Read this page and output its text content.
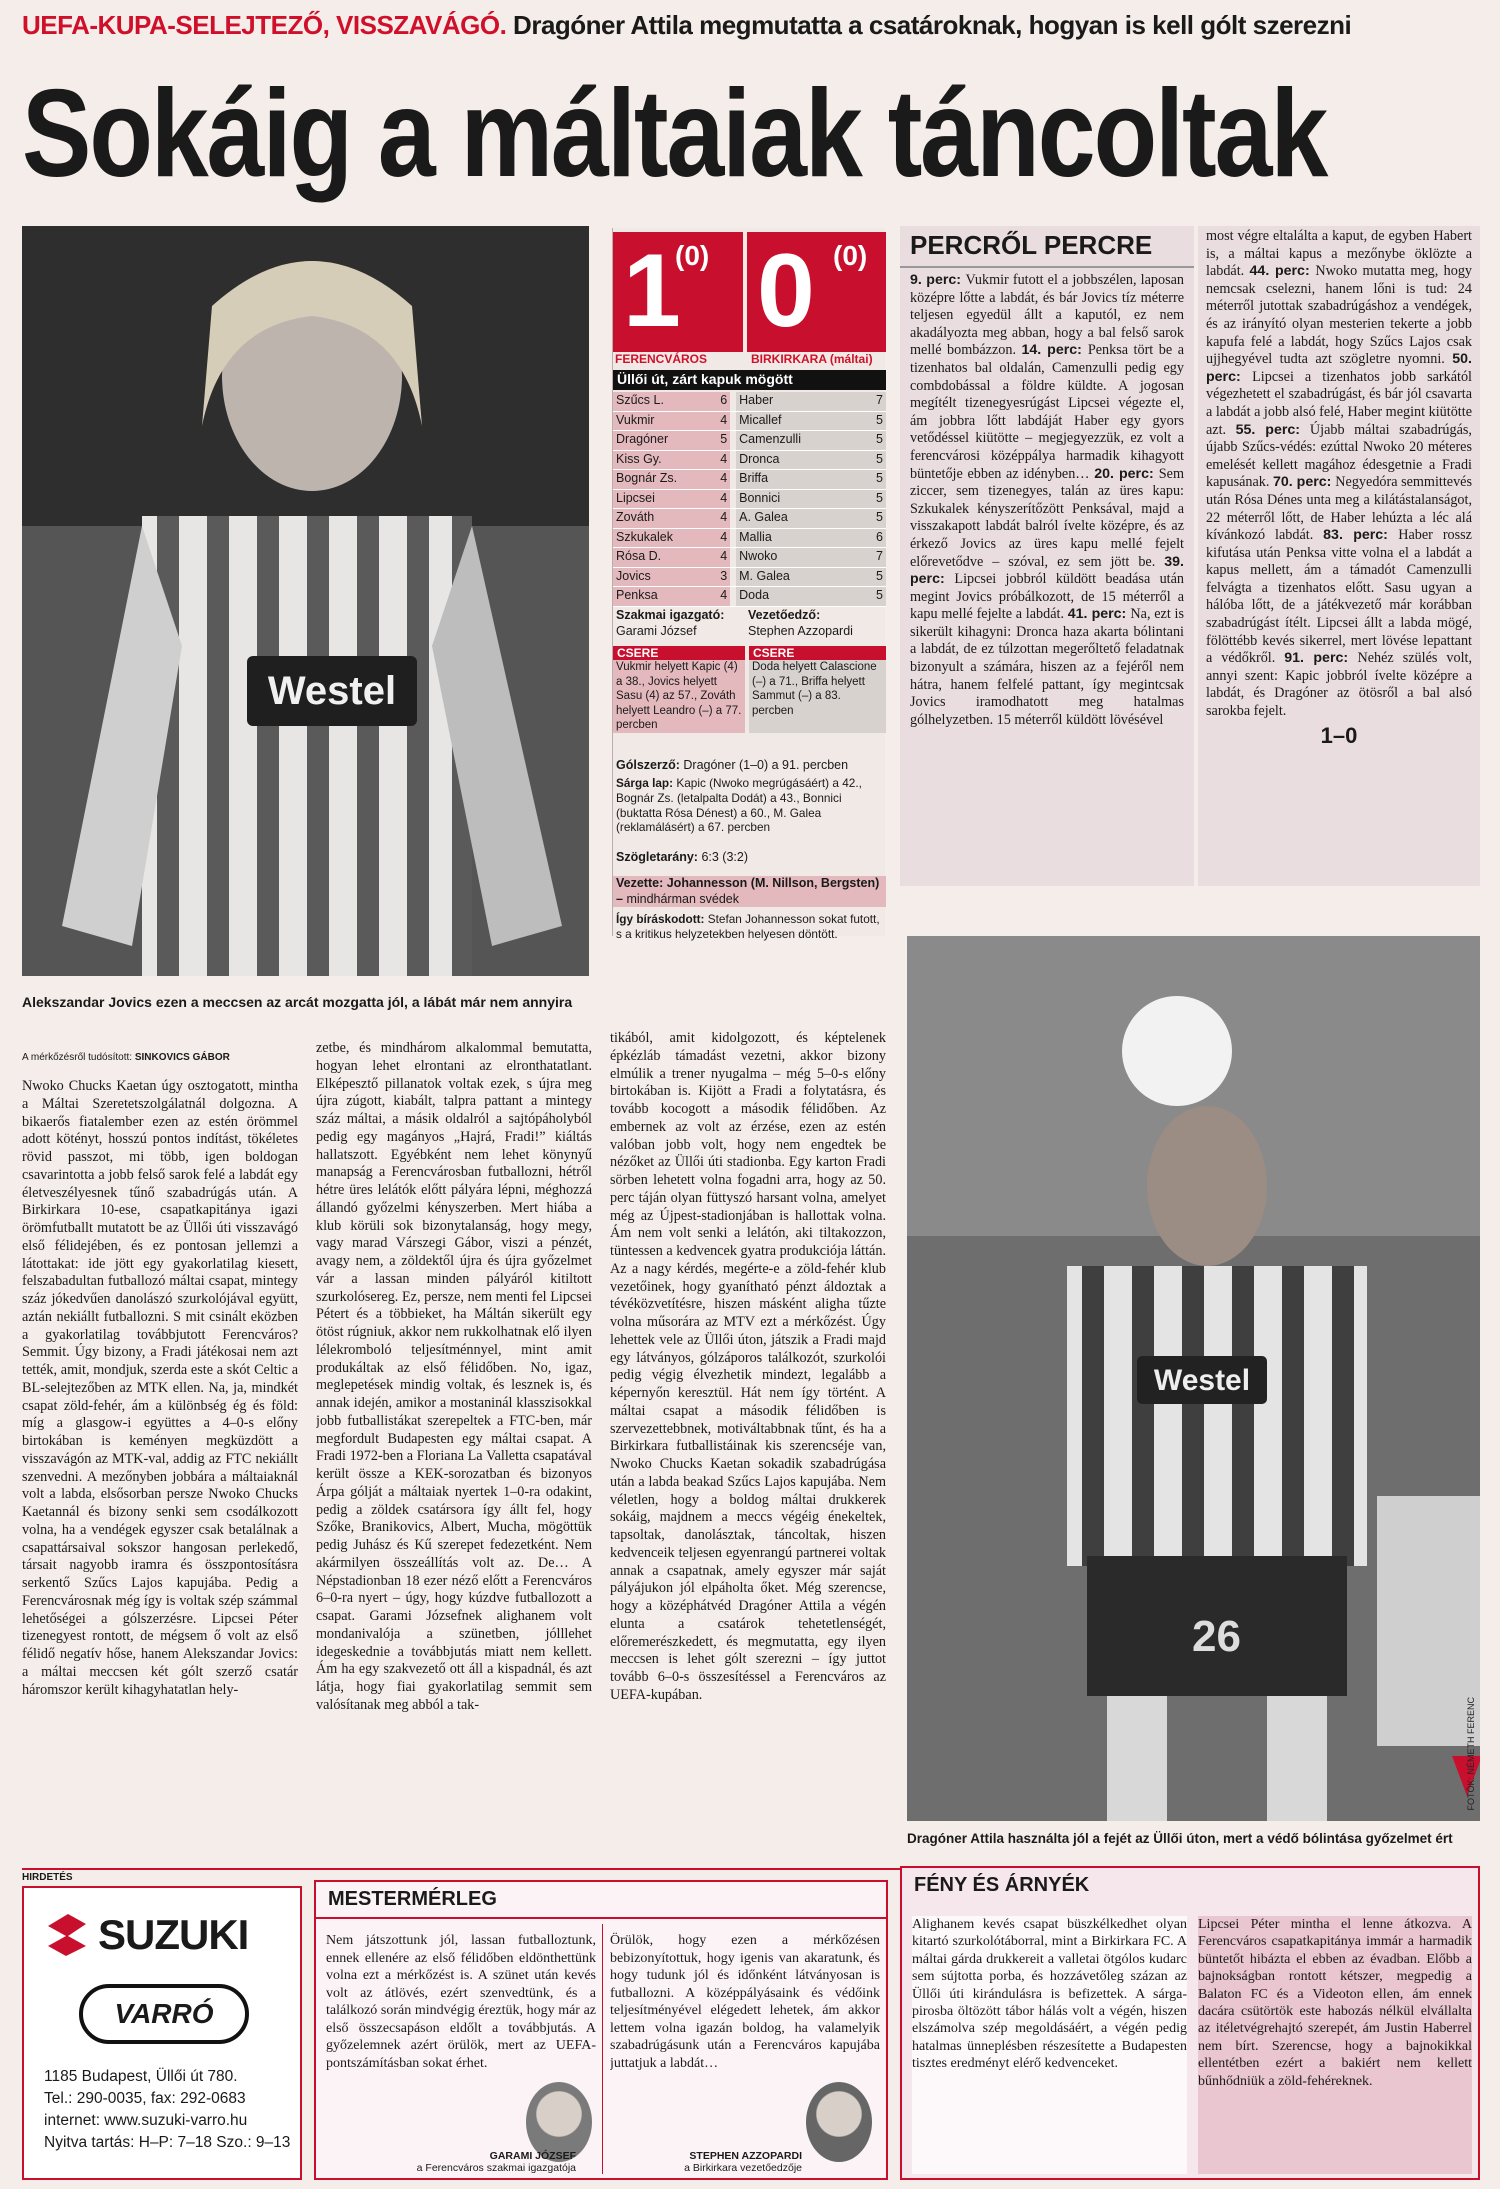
UEFA-KUPA-SELEJTEZŐ, VISSZAVÁGÓ. Dragóner Attila megmutatta a csatároknak, hogyan is kell gólt szerezni
Sokáig a máltaiak táncoltak
Westel
Alekszandar Jovics ezen a meccsen az arcát mozgatta jól, a lábát már nem annyira
1
(0) 0 (0)
FERENCVÁROS	BIRKIRKARA (máltai)
Üllői út, zárt kapuk mögött
Szűcs L.	6 Haber	7
Vukmir	4 Micallef	5
Dragóner	5 Camenzulli	5
Kiss Gy.	4 Dronca	5
Bognár Zs.	4 Briffa	5
Lipcsei	4 Bonnici	5
Zováth	4 A. Galea	5
Szkukalek	4 Mallia	6
Rósa D.	4 Nwoko	7
Jovics	3 M. Galea	5
Penksa	4 Doda	5
Szakmai igazgató:
Garami József
Vezetőedző:
Stephen Azzopardi
CSERE
Vukmir helyett Kapic (4) a 38., Jovics helyett Sasu (4) az 57., Zováth helyett Leandro (–) a 77. percben
CSERE
Doda helyett Calascione (–) a 71., Briffa helyett Sammut (–) a 83. percben
Gólszerző: Dragóner (1–0) a 91. percben
Sárga lap: Kapic (Nwoko megrúgásáért) a 42., Bognár Zs. (letalpalta Dodát) a 43., Bonnici (buktatta Rósa Dénest) a 60., M. Galea (reklamálásért) a 67. percben
Szögletarány: 6:3 (3:2)
Vezette: Johannesson (M. Nillson, Bergsten) – mindhárman svédek
Így bíráskodott: Stefan Johannesson sokat futott, s a kritikus helyzetekben helyesen döntött.
PERCRŐL PERCRE
9. perc: Vukmir futott el a jobbszélen, laposan középre lőtte a labdát, és bár Jovics tíz méterre teljesen egyedül állt a kaputól, ez nem akadályozta meg abban, hogy a bal felső sarok mellé bombázzon. 14. perc: Penksa tört be a tizenhatos bal oldalán, Camenzulli pedig egy combdobással a földre küldte. A jogosan megítélt tizenegyesrúgást Lipcsei végezte el, ám jobbra lőtt labdáját Haber egy gyors vetődéssel kiütötte – megjegyezzük, ez volt a ferencvárosi középpálya harmadik kihagyott büntetője ebben az idényben… 20. perc: Sem ziccer, sem tizenegyes, talán az üres kapu: Szkukalek kényszerítőzött Penksával, majd a visszakapott labdát balról ívelte középre, és az érkező Jovics az üres kapu mellé fejelt előrevetődve – szóval, ez sem jött be. 39. perc: Lipcsei jobbról küldött beadása után megint Jovics próbálkozott, de 15 méterről a kapu mellé fejelte a labdát. 41. perc: Na, ezt is sikerült kihagyni: Dronca haza akarta bólintani a labdát, de ez túlzottan megerőltető feladatnak bizonyult a számára, hiszen az a fejéről nem hátra, hanem felfelé pattant, így megintcsak Jovics iramodhatott meg hatalmas gólhelyzetben. 15 méterről küldött lövésével
most végre eltalálta a kaput, de egyben Habert is, a máltai kapus a mezőnybe öklözte a labdát. 44. perc: Nwoko mutatta meg, hogy nemcsak cselezni, hanem lőni is tud: 24 méterről jutottak szabadrúgáshoz a vendégek, és az irányító olyan mesterien tekerte a jobb kapufa felé a labdát, hogy Szűcs Lajos csak ujjhegyével tudta azt szögletre nyomni. 50. perc: Lipcsei a tizenhatos jobb sarkától végezhetett el szabadrúgást, és bár jól csavarta a labdát a jobb alsó felé, Haber megint kiütötte azt. 55. perc: Újabb máltai szabadrúgás, újabb Szűcs-védés: ezúttal Nwoko 20 méteres emelését kellett magához édesgetnie a Fradi kapusának. 70. perc: Negyedóra semmittevés után Rósa Dénes unta meg a kilátástalanságot, 22 méterről lőtt, de Haber lehúzta a léc alá kívánkozó labdát. 83. perc: Haber rossz kifutása után Penksa vitte volna el a labdát a kapus mellett, ám a támadót Camenzulli felvágta a tizenhatos előtt. Sasu ugyan a hálóba lőtt, de a játékvezető már korábban szabadrúgást ítélt. Lipcsei állt a labda mögé, fölöttébb kevés sikerrel, mert lövése lepattant a védőkről. 91. perc: Nehéz szülés volt, annyi szent: Kapic jobbról ívelte középre a labdát, és Dragóner az ötösről a bal alsó sarokba fejelt.
1–0
Westel
26
FOTÓK: NÉMETH FERENC
Dragóner Attila használta jól a fejét az Üllői úton, mert a védő bólintása győzelmet ért
A mérkőzésről tudósított: SINKOVICS GÁBOR
Nwoko Chucks Kaetan úgy osztogatott, mintha a Máltai Szeretetszolgálatnál dolgozna. A bikaerős fiatalember ezen az estén örömmel adott kötényt, hosszú pontos indítást, tökéletes rövid passzot, mi több, igen boldogan csavarintotta a jobb felső sarok felé a labdát egy életveszélyesnek tűnő szabadrúgás után. A Birkirkara 10-ese, csapatkapitánya igazi örömfutballt mutatott be az Üllői úti visszavágó első félidejében, és ez pontosan jellemzi a látottakat: ide jött egy gyakorlatilag kiesett, felszabadultan futballozó máltai csapat, mintegy száz jókedvűen danolászó szurkolójával együtt, aztán nekiállt futballozni. S mit csinált eközben a gyakorlatilag továbbjutott Ferencváros? Semmit. Úgy bizony, a Fradi játékosai nem azt tették, amit, mondjuk, szerda este a skót Celtic a BL-selejtezőben az MTK ellen. Na, ja, mindkét csapat zöld-fehér, ám a különbség ég és föld: míg a glasgow-i együttes a 4–0-s előny birtokában is keményen megküzdött a visszavágón az MTK-val, addig az FTC nekiállt szenvedni. A mezőnyben jobbára a máltaiaknál volt a labda, elsősorban persze Nwoko Chucks Kaetannál és bizony senki sem csodálkozott volna, ha a vendégek egyszer csak betalálnak a csapattársaival sokszor hangosan perlekedő, társait nagyobb iramra és összpontosításra serkentő Szűcs Lajos kapujába. Pedig a Ferencvárosnak még így is voltak szép számmal lehetőségei a gólszerzésre. Lipcsei Péter tizenegyest rontott, de mégsem ő volt az első félidő negatív hőse, hanem Alekszandar Jovics: a máltai meccsen két gólt szerző csatár háromszor került kihagyhatatlan hely-
zetbe, és mindhárom alkalommal bemutatta, hogyan lehet elrontani az elronthatatlant. Elképesztő pillanatok voltak ezek, s újra meg újra zúgott, kiabált, talpra pattant a mintegy száz máltai, a másik oldalról a sajtópáholyból pedig egy magányos „Hajrá, Fradi!” kiáltás hallatszott. Egyébként nem lehet könynyű manapság a Ferencvárosban futballozni, hétről hétre üres lelátók előtt pályára lépni, méghozzá állandó győzelmi kényszerben. Mert hiába a klub körüli sok bizonytalanság, hogy megy, vagy marad Várszegi Gábor, viszi a pénzét, avagy nem, a zöldektől újra és újra győzelmet vár a lassan minden pályáról kitiltott szurkolósereg. Ez, persze, nem menti fel Lipcsei Pétert és a többieket, ha Máltán sikerült egy ötöst rúgniuk, akkor nem rukkolhatnak elő ilyen lélekromboló teljesítménnyel, mint amit produkáltak az első félidőben. No, igaz, meglepetések mindig voltak, és lesznek is, és annak idején, amikor a mostaninál klasszisokkal jobb futballistákat szerepeltek a FTC-ben, már megfordult Budapesten egy máltai csapat. A Fradi 1972-ben a Floriana La Valletta csapatával került össze a KEK-sorozatban és bizonyos Árpa gólját a máltaiak nyertek 1–0-ra odakint, pedig a zöldek csatársora így állt fel, hogy Szőke, Branikovics, Albert, Mucha, mögöttük pedig Juhász és Kű szerepet fedezetként. Nem akármilyen összeállítás volt az. De… A Népstadionban 18 ezer néző előtt a Ferencváros 6–0-ra nyert – úgy, hogy kúzdve futballozott a csapat. Garami Józsefnek alighanem volt mondanivalója a szünetben, jólllehet idegeskednie a továbbjutás miatt nem kellett. Ám ha egy szakvezető ott áll a kispadnál, és azt látja, hogy fiai gyakorlatilag semmit sem valósítanak meg abból a tak-
tikából, amit kidolgozott, és képtelenek épkézláb támadást vezetni, akkor bizony elmúlik a trener nyugalma – még 5–0-s előny birtokában is. Kijött a Fradi a folytatásra, és tovább kocogott a második félidőben. Az embernek az volt az érzése, ezen az estén valóban jobb volt, hogy nem engedtek be nézőket az Üllői úti stadionba. Egy karton Fradi sörben lehetett volna fogadni arra, hogy az 50. perc táján olyan füttyszó harsant volna, amelyet még az Újpest-stadionjában is hallottak volna. Ám nem volt senki a lelátón, aki tiltakozzon, tüntessen a kedvencek gyatra produkciója láttán. Az a nagy kérdés, megérte-e a zöld-fehér klub vezetőinek, hogy gyanítható pénzt áldoztak a tévéközvetítésre, hiszen másként aligha tűzte volna műsorára az MTV ezt a mérkőzést. Úgy lehettek vele az Üllői úton, játszik a Fradi majd egy látványos, gólzáporos találkozót, szurkolói pedig végig élvezhetik mindezt, legalább a képernyőn keresztül. Hát nem így történt. A máltai csapat a második félidőben is szervezettebbnek, motiváltabbnak tűnt, és ha a Birkirkara futballistáinak kis szerencséje van, Nwoko Chucks Kaetan sokadik szabadrúgása után a labda beakad Szűcs Lajos kapujába. Nem véletlen, hogy a boldog máltai drukkerek sokáig, majdnem a meccs végéig énekeltek, tapsoltak, danolásztak, táncoltak, hiszen kedvenceik teljesen egyenrangú partnerei voltak annak a csapatnak, amely egyszer már saját pályájukon jól elpáholta őket. Még szerencse, hogy a középhátvéd Dragóner Attila a végén elunta a csatárok tehetetlenségét, előremerészkedett, és megmutatta, egy ilyen meccsen is lehet gólt szerezni – így juttot tovább 6–0-s összesítéssel a Ferencváros az UEFA-kupában.
HIRDETÉS
SUZUKI
VARRÓ
1185 Budapest, Üllői út 780.
Tel.: 290-0035, fax: 292-0683
internet: www.suzuki-varro.hu
Nyitva tartás: H–P: 7–18 Szo.: 9–13
MESTERMÉRLEG
Nem játszottunk jól, lassan futballoztunk, ennek ellenére az első félidőben eldönthettünk volna ezt a mérkőzést is. A szünet után kevés volt az átlövés, ezért szenvedtünk, és a találkozó során mindvégig éreztük, hogy már az első összecsapáson eldőlt a továbbjutás. A győzelemnek azért örülök, mert az UEFA-pontszámításban sokat érhet.
Örülök, hogy ezen a mérkőzésen bebizonyítottuk, hogy igenis van akaratunk, és hogy tudunk jól és időnként látványosan is futballozni. A középpályásaink és védőink teljesítményével elégedett lehetek, ám akkor lettem volna igazán boldog, ha valamelyik szabadrúgásunk után a Ferencváros kapujába juttatjuk a labdát…
GARAMI JÓZSEF
a Ferencváros szakmai igazgatója
STEPHEN AZZOPARDI
a Birkirkara vezetőedzője
FÉNY ÉS ÁRNYÉK
Alighanem kevés csapat büszkélkedhet olyan kitartó szurkolótáborral, mint a Birkirkara FC. A máltai gárda drukkereit a valletai ötgólos kudarc sem sújtotta porba, és hozzávetőleg százan az Üllői úti kirándulásra is befizettek. A sárga-pirosba öltözött tábor hálás volt a végén, hiszen elszámolva szép megoldásáért, a végén pedig hatalmas ünneplésben részesítette a Budapesten tisztes eredményt elérő kedvenceket.
Lipcsei Péter mintha el lenne átkozva. A Ferencváros csapatkapitánya immár a harmadik büntetőt hibázta el ebben az évadban. Előbb a bajnokságban rontott kétszer, megpedig a Balaton FC és a Videoton ellen, ám ennek dacára csütörtök este habozás nélkül elvállalta az itéletvégrehajtó szerepét, ám Justin Haberrel nem bírt. Szerencse, hogy a bajnokikkal ellentétben ezért a bakiért nem kellett bűnhődniük a zöld-fehéreknek.
